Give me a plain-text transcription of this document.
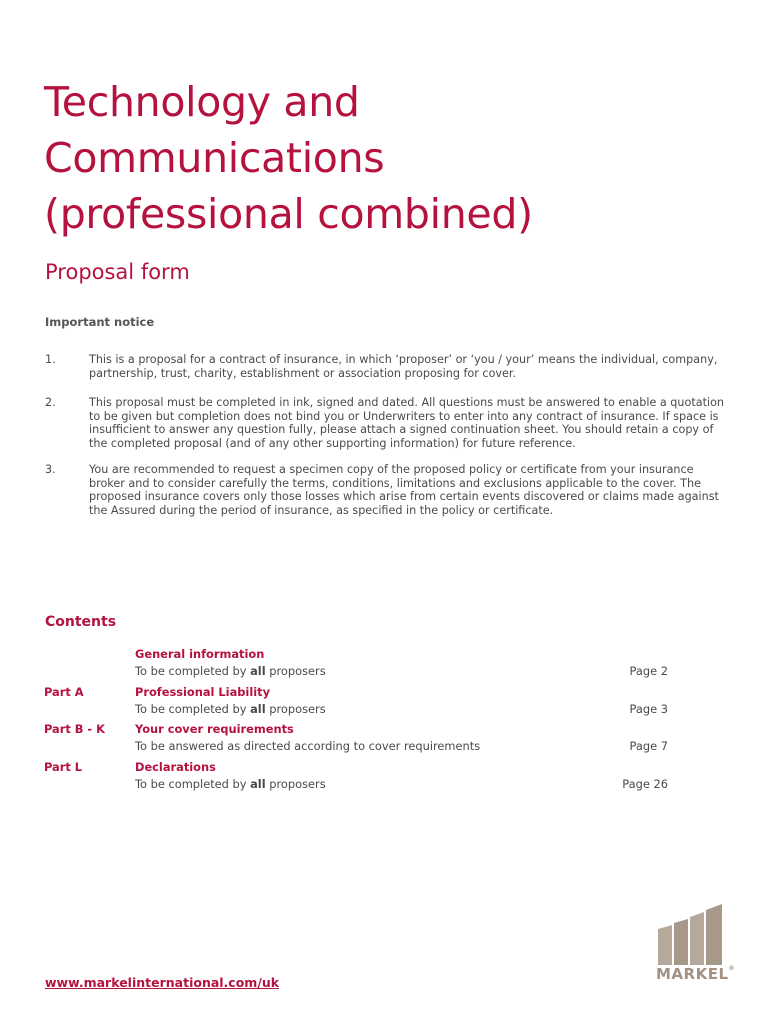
Technology and
Communications
(professional combined)
Proposal form
Important notice
1.	This is a proposal for a contract of insurance, in which ‘proposer’ or ‘you / your’ means the individual, company, partnership, trust, charity, establishment or association proposing for cover.
2.	This proposal must be completed in ink, signed and dated. All questions must be answered to enable a quotation to be given but completion does not bind you or Underwriters to enter into any contract of insurance. If space is insufficient to answer any question fully, please attach a signed continuation sheet. You should retain a copy of the completed proposal (and of any other supporting information) for future reference.
3.	You are recommended to request a specimen copy of the proposed policy or certificate from your insurance broker and to consider carefully the terms, conditions, limitations and exclusions applicable to the cover. The proposed insurance covers only those losses which arise from certain events discovered or claims made against the Assured during the period of insurance, as specified in the policy or certificate.
Contents
General information
To be completed by all proposers	Page 2
Part A	Professional Liability
To be completed by all proposers	Page 3
Part B - K	Your cover requirements
To be answered as directed according to cover requirements	Page 7
Part L	Declarations
To be completed by all proposers	Page 26
www.markelinternational.com/uk	MARKEL®
